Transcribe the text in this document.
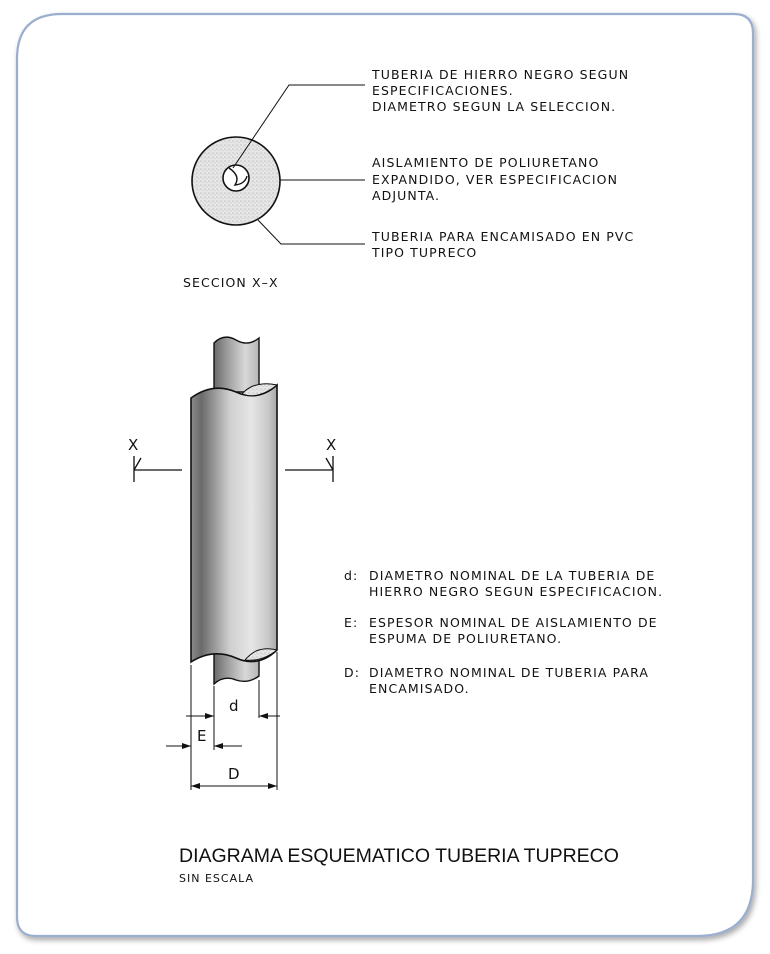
TUBERIA DE HIERRO NEGRO SEGUN
ESPECIFICACIONES.
DIAMETRO SEGUN LA SELECCION.
AISLAMIENTO DE POLIURETANO
EXPANDIDO, VER ESPECIFICACION
ADJUNTA.
TUBERIA PARA ENCAMISADO EN PVC
TIPO TUPRECO
SECCION X–X
X	X
d
E
D
d: DIAMETRO NOMINAL DE LA TUBERIA DE
HIERRO NEGRO SEGUN ESPECIFICACION.
E: ESPESOR NOMINAL DE AISLAMIENTO DE
ESPUMA DE POLIURETANO.
D: DIAMETRO NOMINAL DE TUBERIA PARA
ENCAMISADO.
DIAGRAMA ESQUEMATICO TUBERIA TUPRECO
SIN ESCALA
